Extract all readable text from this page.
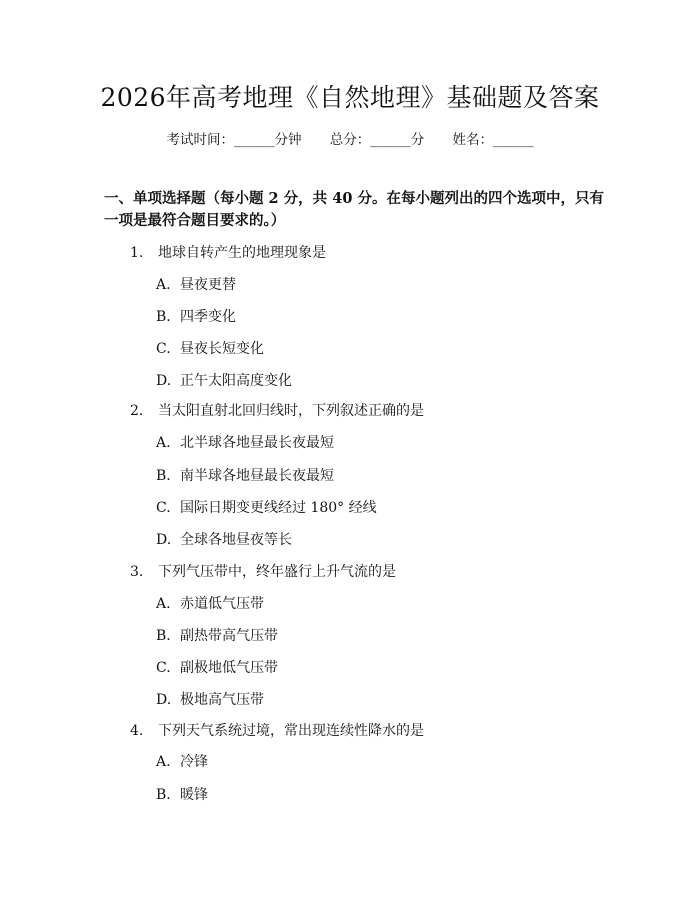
2026年高考地理《自然地理》基础题及答案
考试时间：______分钟 总分：______分 姓名：______
一、单项选择题（每小题 2 分，共 40 分。在每小题列出的四个选项中，只有一项是最符合题目要求的。）
1. 地球自转产生的地理现象是
A. 昼夜更替
B. 四季变化
C. 昼夜长短变化
D. 正午太阳高度变化
2. 当太阳直射北回归线时，下列叙述正确的是
A. 北半球各地昼最长夜最短
B. 南半球各地昼最长夜最短
C. 国际日期变更线经过 180° 经线
D. 全球各地昼夜等长
3. 下列气压带中，终年盛行上升气流的是
A. 赤道低气压带
B. 副热带高气压带
C. 副极地低气压带
D. 极地高气压带
4. 下列天气系统过境，常出现连续性降水的是
A. 冷锋
B. 暖锋
